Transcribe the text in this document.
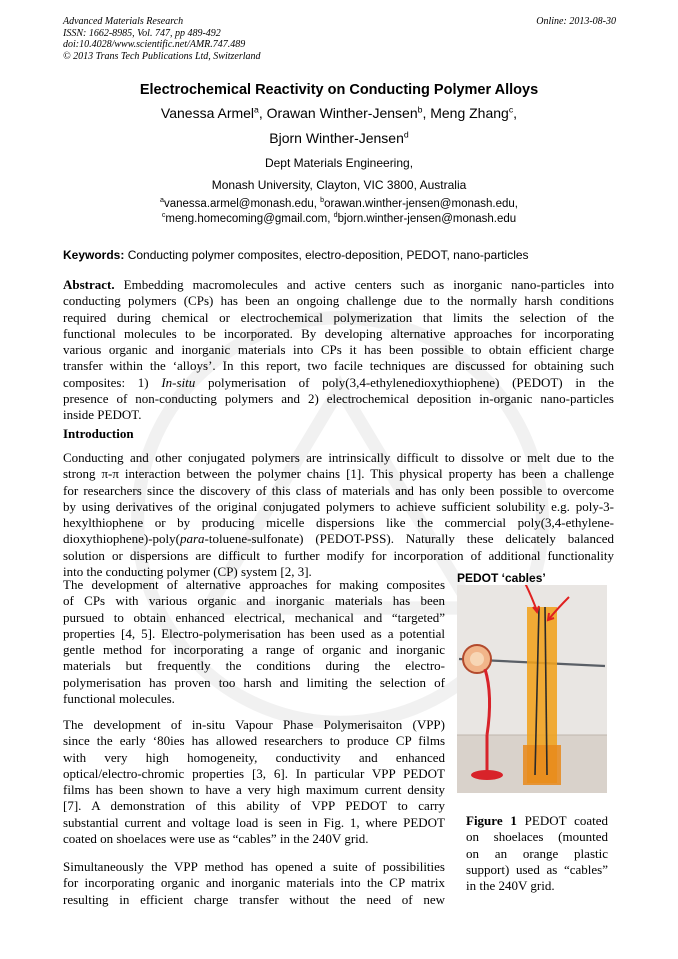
Advanced Materials Research
ISSN: 1662-8985, Vol. 747, pp 489-492
doi:10.4028/www.scientific.net/AMR.747.489
© 2013 Trans Tech Publications Ltd, Switzerland
Online: 2013-08-30
Electrochemical Reactivity on Conducting Polymer Alloys
Vanessa Armel$^a$, Orawan Winther-Jensen$^b$, Meng Zhang$^c$,
Bjorn Winther-Jensen$^d$
Dept Materials Engineering,
Monash University, Clayton, VIC 3800, Australia
$^a$vanessa.armel@monash.edu, $^b$orawan.winther-jensen@monash.edu,
$^c$meng.homecoming@gmail.com, $^d$bjorn.winther-jensen@monash.edu
Keywords: Conducting polymer composites, electro-deposition, PEDOT, nano-particles
Abstract. Embedding macromolecules and active centers such as inorganic nano-particles into
conducting polymers (CPs) has been an ongoing challenge due to the normally harsh conditions
required during chemical or electrochemical polymerization that limits the selection of the
functional molecules to be incorporated. By developing alternative approaches for incorporating
various organic and inorganic materials into CPs it has been possible to obtain efficient charge
transfer within the ‘alloys’. In this report, two facile techniques are discussed for obtaining such
composites: 1) In-situ polymerisation of poly(3,4-ethylenedioxythiophene) (PEDOT) in the
presence of non-conducting polymers and 2) electrochemical deposition in-organic nano-particles
inside PEDOT.
Introduction
Conducting and other conjugated polymers are intrinsically difficult to dissolve or melt due to the
strong π-π interaction between the polymer chains [1]. This physical property has been a challenge
for researchers since the discovery of this class of materials and has only been possible to overcome
by using derivatives of the original conjugated polymers to achieve sufficient solubility e.g. poly-3-
hexylthiophene or by producing micelle dispersions like the commercial poly(3,4-ethylene-
dioxythiophene)-poly(para-toluene-sulfonate) (PEDOT-PSS). Naturally these delicately balanced
solution or dispersions are difficult to further modify for incorporation of additional functionality
into the conducting polymer (CP) system [2, 3].
The development of alternative approaches for making composites
of CPs with various organic and inorganic materials has been
pursued to obtain enhanced electrical, mechanical and “targeted”
properties [4, 5]. Electro-polymerisation has been used as a potential
gentle method for incorporating a range of organic and inorganic
materials but frequently the conditions during the electro-
polymerisation has proven too harsh and limiting the selection of
functional molecules.
The development of in-situ Vapour Phase Polymerisaiton (VPP)
since the early ‘80ies has allowed researchers to produce CP films
with very high homogeneity, conductivity and enhanced
optical/electro-chromic properties [3, 6]. In particular VPP PEDOT
films has been shown to have a very high maximum current density
[7]. A demonstration of this ability of VPP PEDOT to carry
substantial current and voltage load is seen in Fig. 1, where PEDOT
coated on shoelaces were use as “cables” in the 240V grid.
Simultaneously the VPP method has opened a suite of possibilities
for incorporating organic and inorganic materials into the CP matrix
resulting in efficient charge transfer without the need of new
PEDOT ‘cables’
Figure 1 PEDOT coated
on shoelaces (mounted
on an orange plastic
support) used as “cables”
in the 240V grid.
